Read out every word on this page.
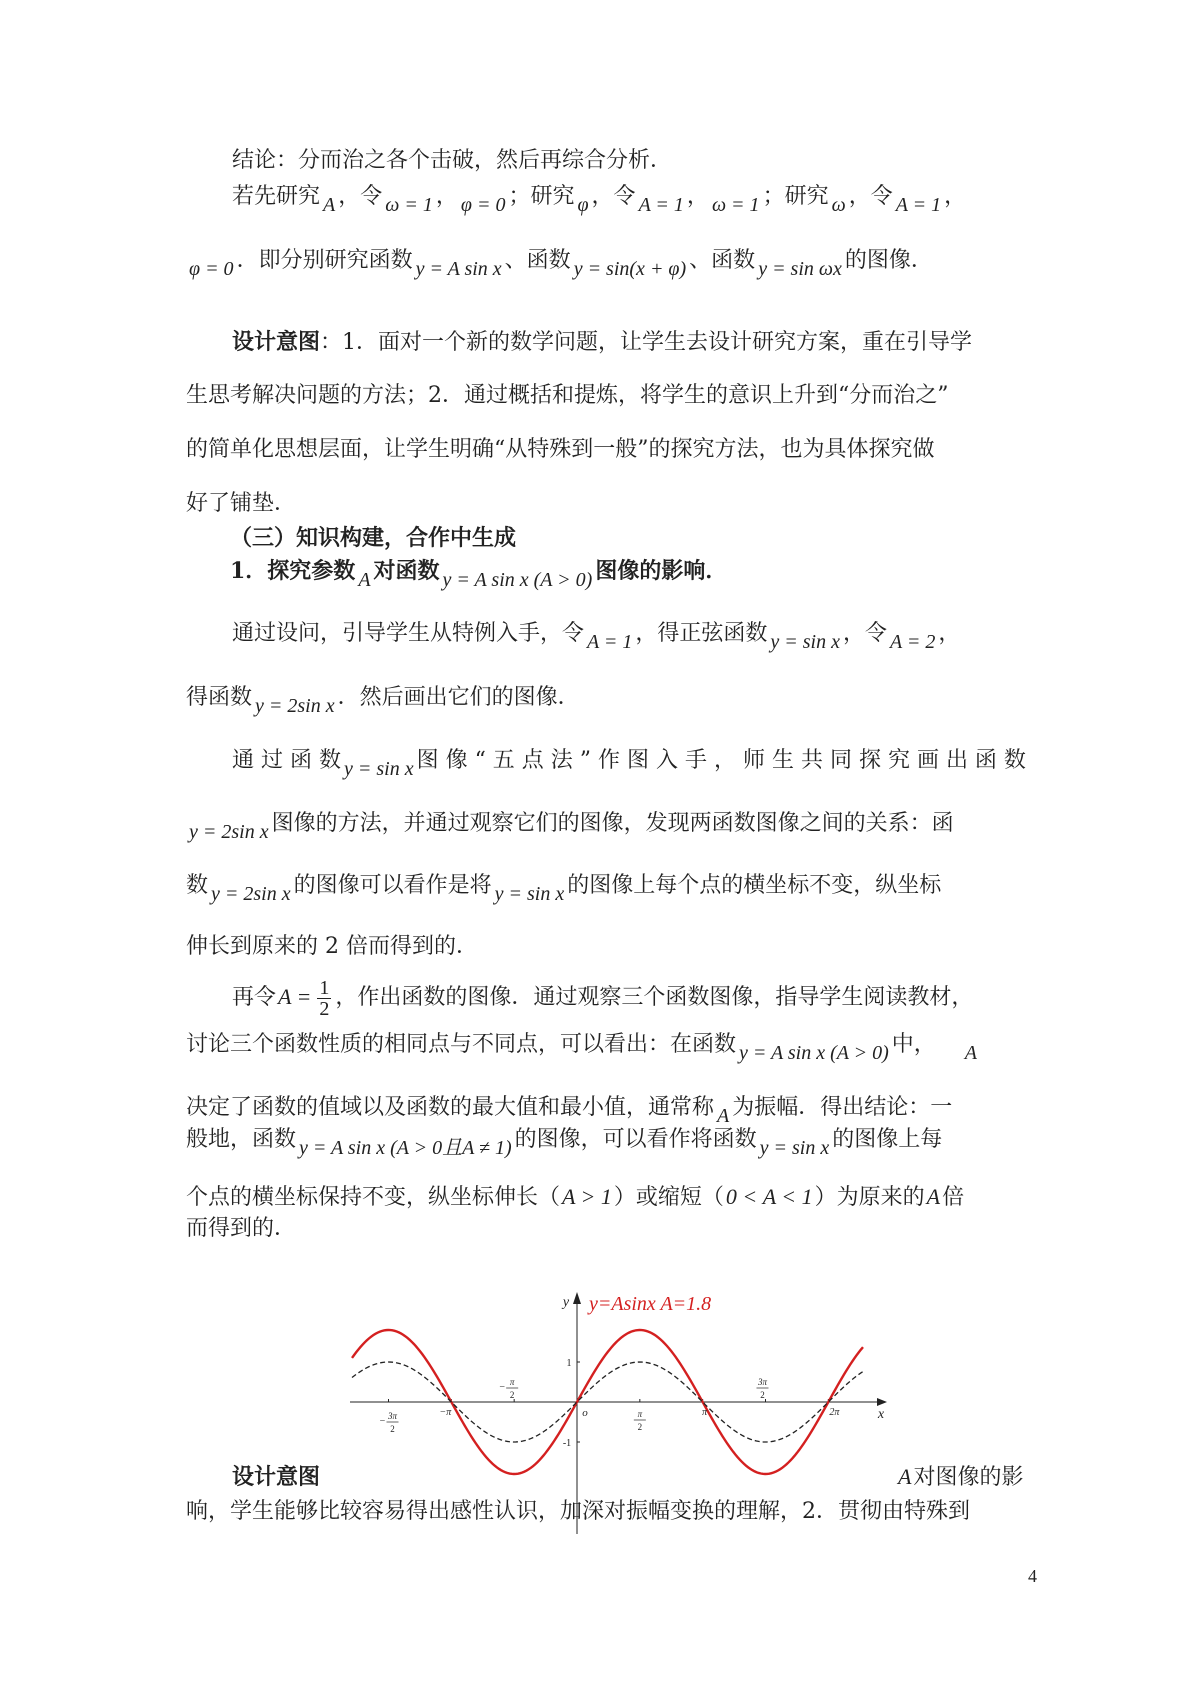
结论：分而治之各个击破，然后再综合分析．
若先研究 A ，令 ω = 1 ， φ = 0 ；研究 φ ，令 A = 1 ， ω = 1 ；研究 ω ，令 A = 1 ，
φ = 0 ．即分别研究函数 y = A sin x 、函数 y = sin(x + φ) 、函数 y = sin ωx 的图像．
设计意图：1．面对一个新的数学问题，让学生去设计研究方案，重在引导学
生思考解决问题的方法；2．通过概括和提炼，将学生的意识上升到“分而治之”
的简单化思想层面，让学生明确“从特殊到一般”的探究方法，也为具体探究做
好了铺垫．
（三）知识构建，合作中生成
1．探究参数 A 对函数 y = A sin x (A > 0) 图像的影响．
通过设问，引导学生从特例入手，令 A = 1 ，得正弦函数 y = sin x ，令 A = 2 ，
得函数 y = 2sin x ．然后画出它们的图像．
通 过 函 数 y = sin x 图 像 “ 五 点 法 ” 作 图 入 手 ， 师 生 共 同 探 究 画 出 函 数
y = 2sin x 图像的方法，并通过观察它们的图像，发现两函数图像之间的关系：函
数 y = 2sin x 的图像可以看作是将 y = sin x 的图像上每个点的横坐标不变，纵坐标
伸长到原来的 2 倍而得到的．
再令$A = \frac{1}{2}$ ，作出函数的图像．通过观察三个函数图像，指导学生阅读教材，
讨论三个函数性质的相同点与不同点，可以看出：在函数 y = A sin x (A > 0) 中， A
决定了函数的值域以及函数的最大值和最小值，通常称 A 为振幅．得出结论：一
般地，函数 y = A sin x (A > 0且A ≠ 1) 的图像，可以看作将函数 y = sin x 的图像上每
个点的横坐标保持不变，纵坐标伸长（A > 1）或缩短（0 < A < 1）为原来的A倍
而得到的．
设计意图	A对图像的影
响，学生能够比较容易得出感性认识，加深对振幅变换的理解，2．贯彻由特殊到
− 3π
2
−π
− π
2
o	π
2
π
3π
2
2π
1
-1
x
y y=Asinx A=1.8
4
